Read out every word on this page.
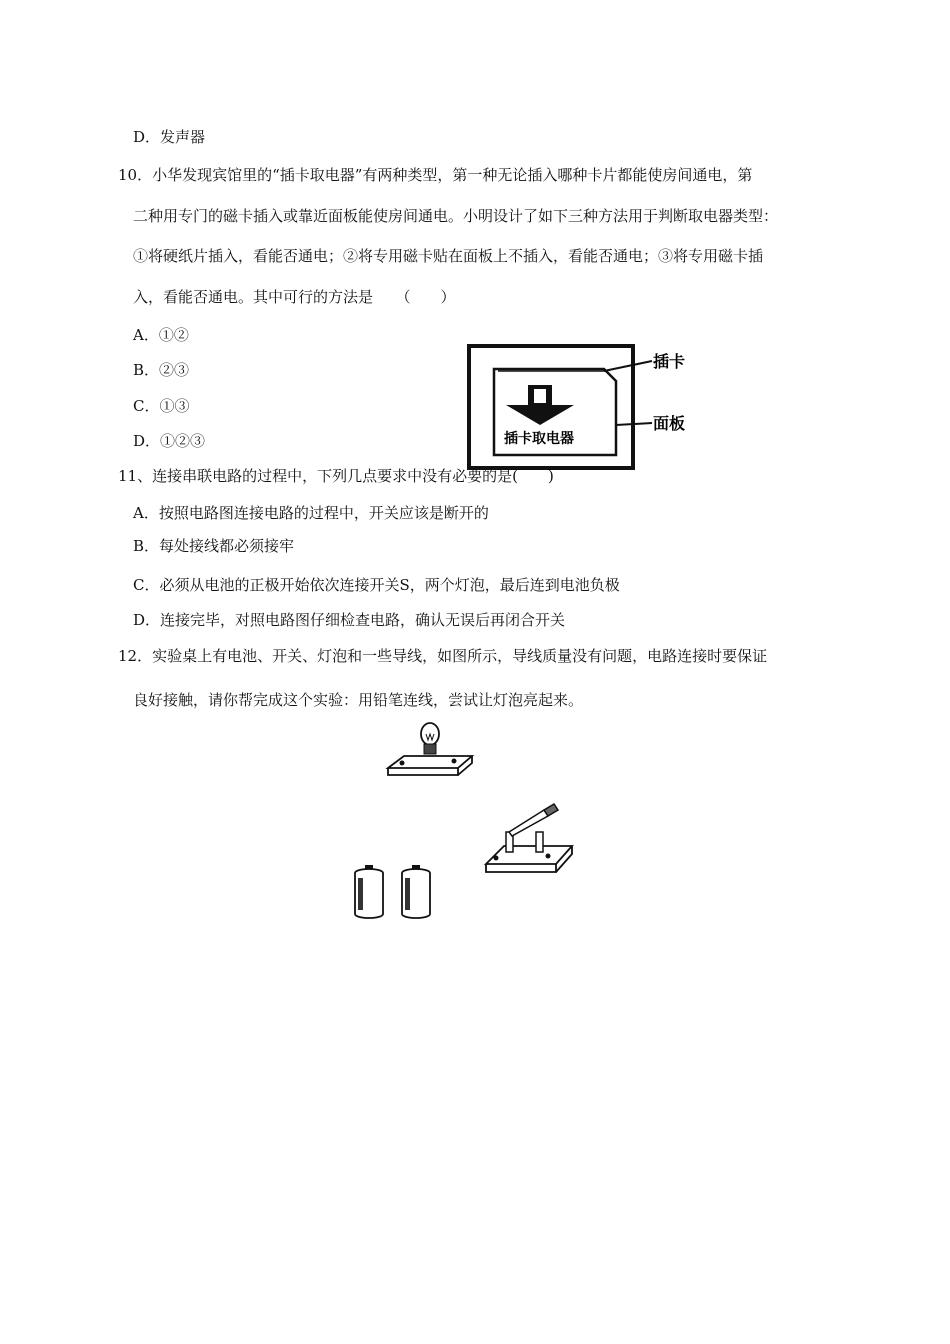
D．发声器
10．小华发现宾馆里的“插卡取电器”有两种类型，第一种无论插入哪种卡片都能使房间通电，第
二种用专门的磁卡插入或靠近面板能使房间通电。小明设计了如下三种方法用于判断取电器类型：
①将硬纸片插入，看能否通电；②将专用磁卡贴在面板上不插入，看能否通电；③将专用磁卡插
入，看能否通电。其中可行的方法是　　（　　）
A．①②
B．②③
C．①③
D．①②③
插卡
面板
插卡取电器
11、连接串联电路的过程中，下列几点要求中没有必要的是(　　)
A．按照电路图连接电路的过程中，开关应该是断开的
B．每处接线都必须接牢
C．必须从电池的正极开始依次连接开关S，两个灯泡，最后连到电池负极
D．连接完毕，对照电路图仔细检查电路，确认无误后再闭合开关
12．实验桌上有电池、开关、灯泡和一些导线，如图所示，导线质量没有问题，电路连接时要保证
良好接触，请你帮完成这个实验：用铅笔连线，尝试让灯泡亮起来。
